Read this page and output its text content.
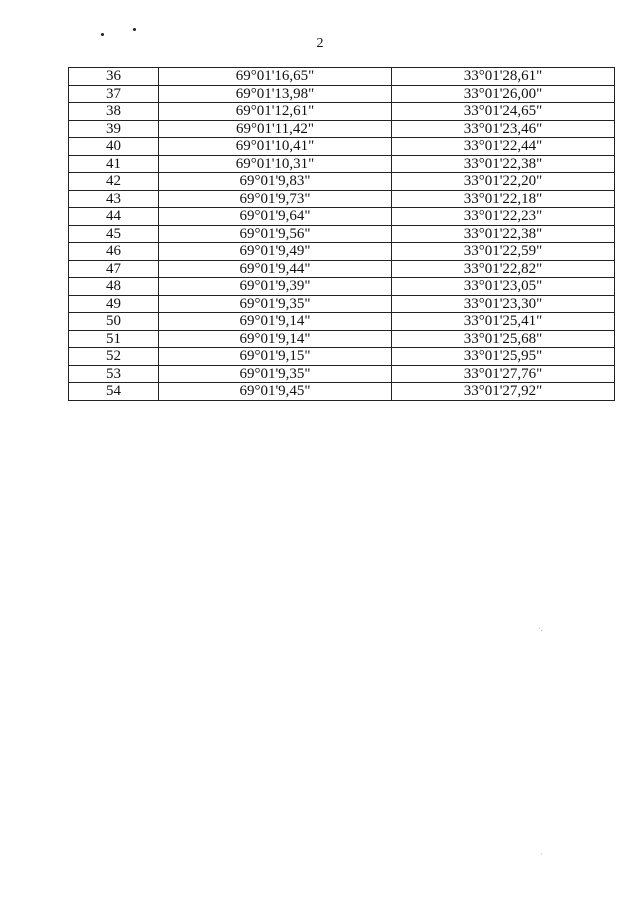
·.
·
2
36	69°01'16,65"	33°01'28,61"
37	69°01'13,98"	33°01'26,00"
38	69°01'12,61"	33°01'24,65"
39	69°01'11,42"	33°01'23,46"
40	69°01'10,41"	33°01'22,44"
41	69°01'10,31"	33°01'22,38"
42	69°01'9,83"	33°01'22,20"
43	69°01'9,73"	33°01'22,18"
44	69°01'9,64"	33°01'22,23"
45	69°01'9,56"	33°01'22,38"
46	69°01'9,49"	33°01'22,59"
47	69°01'9,44"	33°01'22,82"
48	69°01'9,39"	33°01'23,05"
49	69°01'9,35"	33°01'23,30"
50	69°01'9,14"	33°01'25,41"
51	69°01'9,14"	33°01'25,68"
52	69°01'9,15"	33°01'25,95"
53	69°01'9,35"	33°01'27,76"
54	69°01'9,45"	33°01'27,92"
